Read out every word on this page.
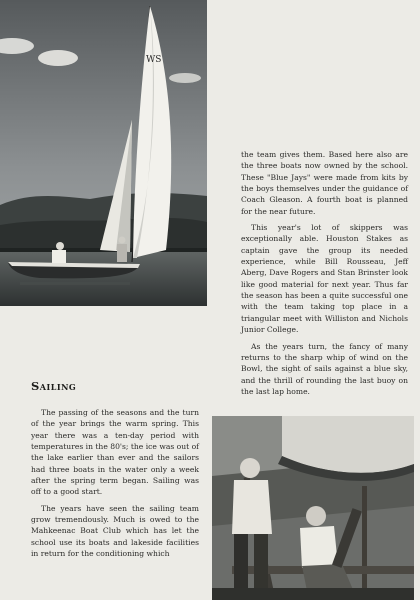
WS

the team gives them. Based here also are the three boats now owned by the school. These "Blue Jays" were made from kits by the boys themselves under the guidance of Coach Gleason. A fourth boat is planned for the near future.

This year's lot of skippers was exceptionally able. Houston Stakes as captain gave the group its needed experience, while Bill Rousseau, Jeff Aberg, Dave Rogers and Stan Brinster look like good material for next year. Thus far the season has been a quite successful one with the team taking top place in a triangular meet with Williston and Nichols Junior College.

As the years turn, the fancy of many returns to the sharp whip of wind on the Bowl, the sight of sails against a blue sky, and the thrill of rounding the last buoy on the last lap home.

Sailing

The passing of the seasons and the turn of the year brings the warm spring. This year there was a ten-day period with temperatures in the 80's; the ice was out of the lake earlier than ever and the sailors had three boats in the water only a week after the spring term began. Sailing was off to a good start.

The years have seen the sailing team grow tremendously. Much is owed to the Mahkeenac Boat Club which has let the school use its boats and lakeside facilities in return for the conditioning which
